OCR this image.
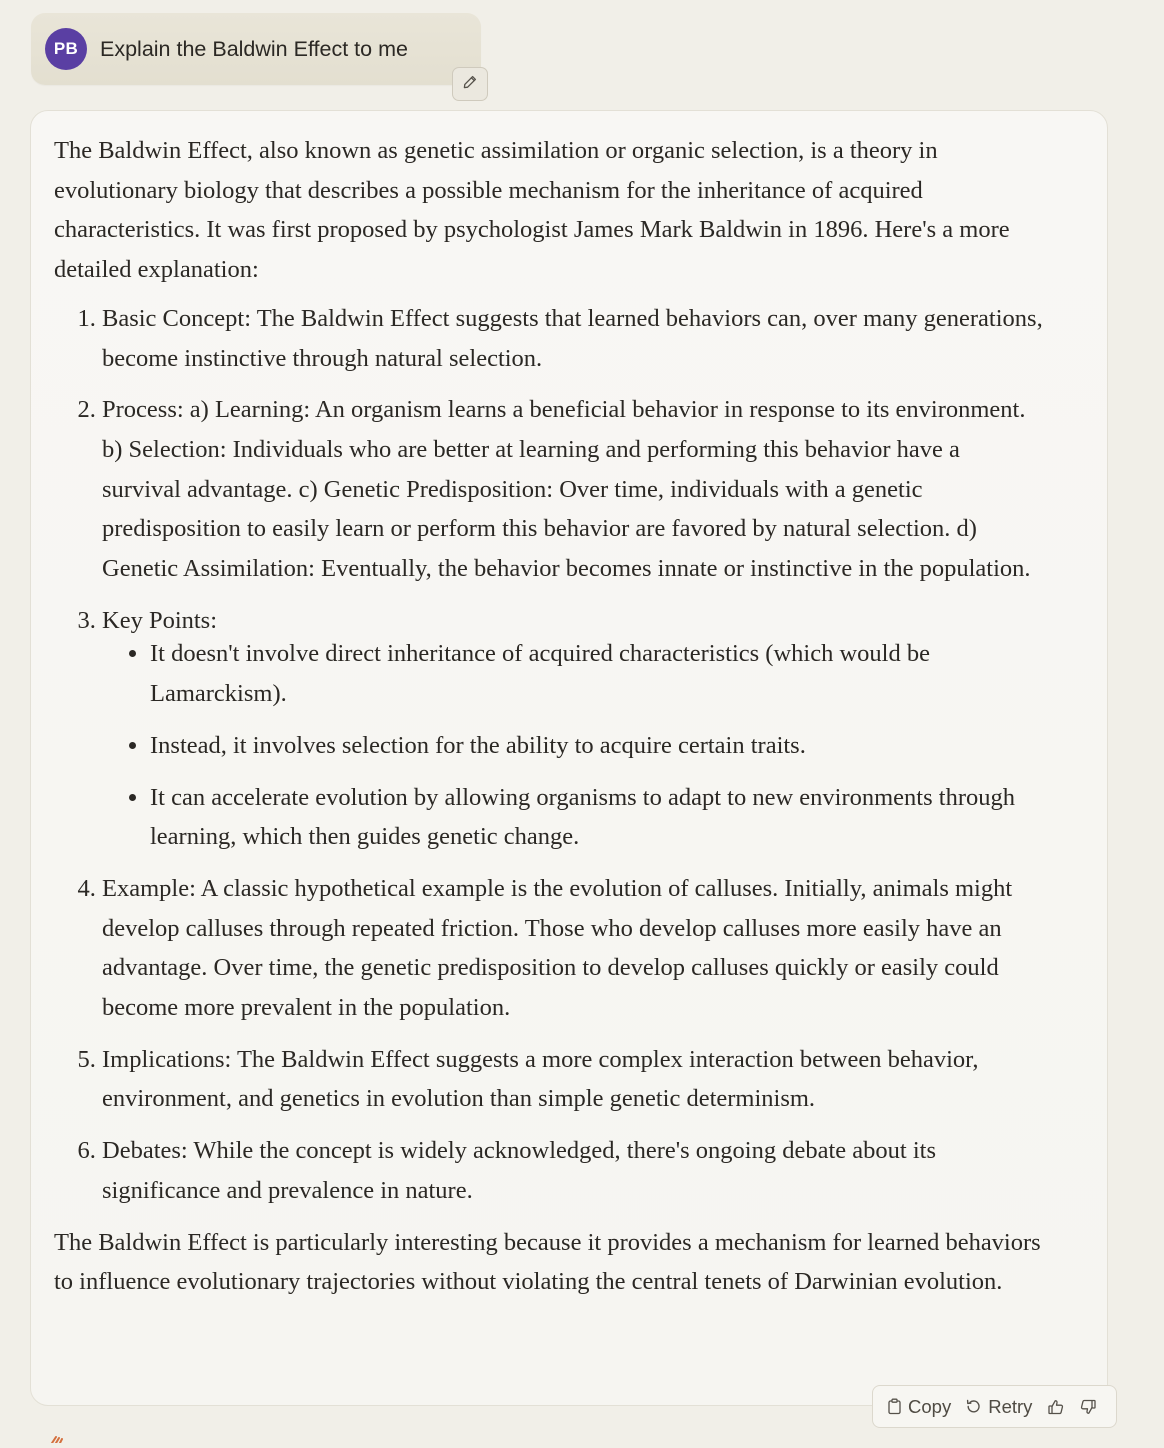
PB	Explain the Baldwin Effect to me

The Baldwin Effect, also known as genetic assimilation or organic selection, is a theory in evolutionary biology that describes a possible mechanism for the inheritance of acquired characteristics. It was first proposed by psychologist James Mark Baldwin in 1896. Here's a more detailed explanation:

1. Basic Concept: The Baldwin Effect suggests that learned behaviors can, over many generations, become instinctive through natural selection.
2. Process: a) Learning: An organism learns a beneficial behavior in response to its environment. b) Selection: Individuals who are better at learning and performing this behavior have a survival advantage. c) Genetic Predisposition: Over time, individuals with a genetic predisposition to easily learn or perform this behavior are favored by natural selection. d) Genetic Assimilation: Eventually, the behavior becomes innate or instinctive in the population.
3. Key Points:
• It doesn't involve direct inheritance of acquired characteristics (which would be Lamarckism).
• Instead, it involves selection for the ability to acquire certain traits.
• It can accelerate evolution by allowing organisms to adapt to new environments through learning, which then guides genetic change.
4. Example: A classic hypothetical example is the evolution of calluses. Initially, animals might develop calluses through repeated friction. Those who develop calluses more easily have an advantage. Over time, the genetic predisposition to develop calluses quickly or easily could become more prevalent in the population.
5. Implications: The Baldwin Effect suggests a more complex interaction between behavior, environment, and genetics in evolution than simple genetic determinism.
6. Debates: While the concept is widely acknowledged, there's ongoing debate about its significance and prevalence in nature.

The Baldwin Effect is particularly interesting because it provides a mechanism for learned behaviors to influence evolutionary trajectories without violating the central tenets of Darwinian evolution.

Copy Retry
